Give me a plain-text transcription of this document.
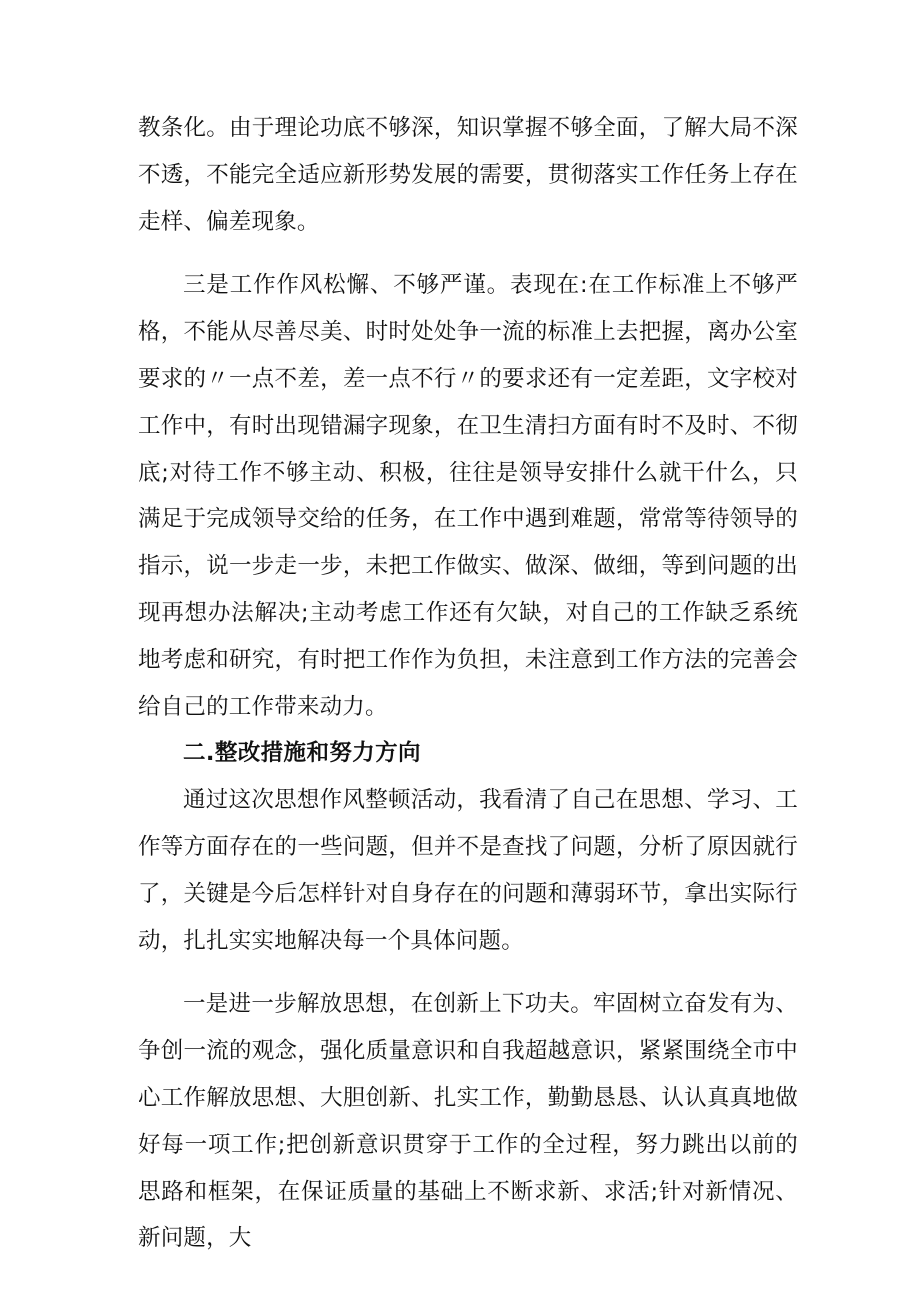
教条化。由于理论功底不够深，知识掌握不够全面，了解大局不深不透，不能完全适应新形势发展的需要，贯彻落实工作任务上存在走样、偏差现象。

三是工作作风松懈、不够严谨。表现在:在工作标准上不够严格，不能从尽善尽美、时时处处争一流的标准上去把握，离办公室要求的〃一点不差，差一点不行〃的要求还有一定差距，文字校对工作中，有时出现错漏字现象，在卫生清扫方面有时不及时、不彻底;对待工作不够主动、积极，往往是领导安排什么就干什么，只满足于完成领导交给的任务，在工作中遇到难题，常常等待领导的指示，说一步走一步，未把工作做实、做深、做细，等到问题的出现再想办法解决;主动考虑工作还有欠缺，对自己的工作缺乏系统地考虑和研究，有时把工作作为负担，未注意到工作方法的完善会给自己的工作带来动力。

二.整改措施和努力方向

通过这次思想作风整顿活动，我看清了自己在思想、学习、工作等方面存在的一些问题，但并不是查找了问题，分析了原因就行了，关键是今后怎样针对自身存在的问题和薄弱环节，拿出实际行动，扎扎实实地解决每一个具体问题。

一是进一步解放思想，在创新上下功夫。牢固树立奋发有为、争创一流的观念，强化质量意识和自我超越意识，紧紧围绕全市中心工作解放思想、大胆创新、扎实工作，勤勤恳恳、认认真真地做好每一项工作;把创新意识贯穿于工作的全过程，努力跳出以前的思路和框架，在保证质量的基础上不断求新、求活;针对新情况、新问题，大
